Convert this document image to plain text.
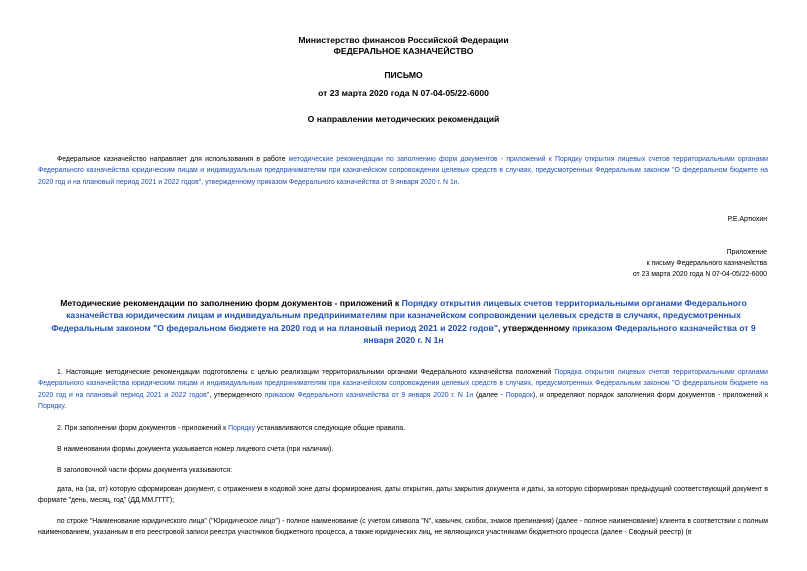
Министерство финансов Российской Федерации
ФЕДЕРАЛЬНОЕ КАЗНАЧЕЙСТВО
ПИСЬМО
от 23 марта 2020 года N 07-04-05/22-6000
О направлении методических рекомендаций
Федеральное казначейство направляет для использования в работе методические рекомендации по заполнению форм документов - приложений к Порядку открытия лицевых счетов территориальными органами Федерального казначейства юридическим лицам и индивидуальным предпринимателям при казначейском сопровождении целевых средств в случаях, предусмотренных Федеральным законом "О федеральном бюджете на 2020 год и на плановый период 2021 и 2022 годов", утвержденному приказом Федерального казначейства от 9 января 2020 г. N 1н.
Р.Е.Артюхин
Приложение
к письму Федерального казначейства
от 23 марта 2020 года N 07-04-05/22-6000
Методические рекомендации по заполнению форм документов - приложений к Порядку открытия лицевых счетов территориальными органами Федерального казначейства юридическим лицам и индивидуальным предпринимателям при казначейском сопровождении целевых средств в случаях, предусмотренных Федеральным законом "О федеральном бюджете на 2020 год и на плановый период 2021 и 2022 годов", утвержденному приказом Федерального казначейства от 9 января 2020 г. N 1н
1. Настоящие методические рекомендации подготовлены с целью реализации территориальными органами Федерального казначейства положений Порядка открытия лицевых счетов территориальными органами Федерального казначейства юридическим лицам и индивидуальным предпринимателям при казначейском сопровождении целевых средств в случаях, предусмотренных Федеральным законом "О федеральном бюджете на 2020 год и на плановый период 2021 и 2022 годов", утвержденного приказом Федерального казначейства от 9 января 2020 г. N 1н (далее - Порядок), и определяют порядок заполнения форм документов - приложений к Порядку.
2. При заполнении форм документов - приложений к Порядку устанавливаются следующие общие правила.
В наименовании формы документа указывается номер лицевого счета (при наличии).
В заголовочной части формы документа указываются:
дата, на (за, от) которую сформирован документ, с отражением в кодовой зоне даты формирования, даты открытия, даты закрытия документа и даты, за которую сформирован предыдущий соответствующий документ в формате "день, месяц, год" (ДД.ММ.ГГГГ);
по строке "Наименование юридического лица" ("Юридическое лицо") - полное наименование (с учетом символа "N", кавычек, скобок, знаков препинания) (далее - полное наименование) клиента в соответствии с полным наименованием, указанным в его реестровой записи реестра участников бюджетного процесса, а также юридических лиц, не являющихся участниками бюджетного процесса (далее - Сводный реестр) (в
